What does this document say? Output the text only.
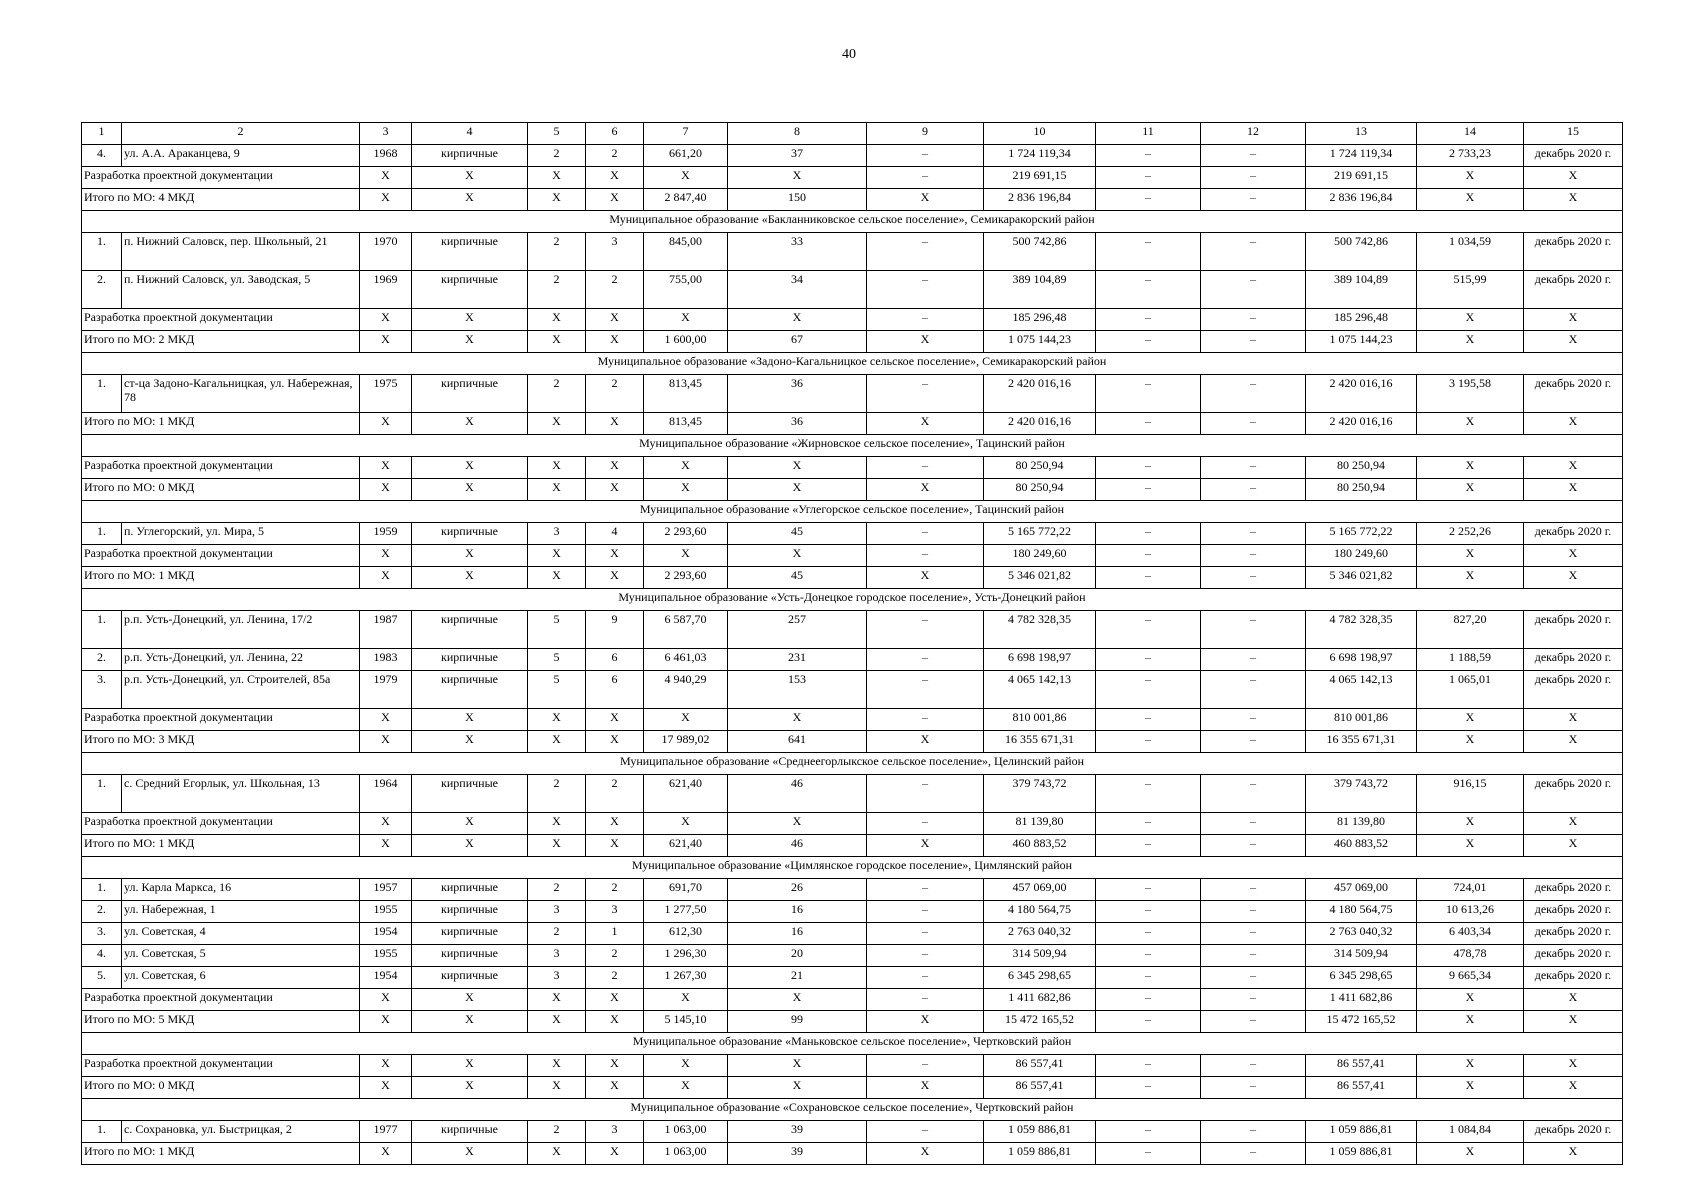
40
1	2	3	4	5	6	7	8	9	10	11	12	13	14	15
4.	ул. А.А. Араканцева, 9	1968	кирпичные	2	2	661,20	37	–	1 724 119,34	–	–	1 724 119,34	2 733,23	декабрь 2020 г.
Разработка проектной документации		X	X	X	X	X	X	–	219 691,15	–	–	219 691,15	X	X
Итого по МО: 4 МКД		X	X	X	X	2 847,40	150	X	2 836 196,84	–	–	2 836 196,84	X	X
Муниципальное образование «Бакланниковское сельское поселение», Семикаракорский район														
1.	п. Нижний Саловск, пер. Школьный, 21	1970	кирпичные	2	3	845,00	33	–	500 742,86	–	–	500 742,86	1 034,59	декабрь 2020 г.
2.	п. Нижний Саловск, ул. Заводская, 5	1969	кирпичные	2	2	755,00	34	–	389 104,89	–	–	389 104,89	515,99	декабрь 2020 г.
Разработка проектной документации		X	X	X	X	X	X	–	185 296,48	–	–	185 296,48	X	X
Итого по МО: 2 МКД		X	X	X	X	1 600,00	67	X	1 075 144,23	–	–	1 075 144,23	X	X
Муниципальное образование «Задоно-Кагальницкое сельское поселение», Семикаракорский район														
1.	ст-ца Задоно-Кагальницкая, ул. Набережная, 78	1975	кирпичные	2	2	813,45	36	–	2 420 016,16	–	–	2 420 016,16	3 195,58	декабрь 2020 г.
Итого по МО: 1 МКД		X	X	X	X	813,45	36	X	2 420 016,16	–	–	2 420 016,16	X	X
Муниципальное образование «Жирновское сельское поселение», Тацинский район														
Разработка проектной документации		X	X	X	X	X	X	–	80 250,94	–	–	80 250,94	X	X
Итого по МО: 0 МКД		X	X	X	X	X	X	X	80 250,94	–	–	80 250,94	X	X
Муниципальное образование «Углегорское сельское поселение», Тацинский район														
1.	п. Углегорский, ул. Мира, 5	1959	кирпичные	3	4	2 293,60	45	–	5 165 772,22	–	–	5 165 772,22	2 252,26	декабрь 2020 г.
Разработка проектной документации		X	X	X	X	X	X	–	180 249,60	–	–	180 249,60	X	X
Итого по МО: 1 МКД		X	X	X	X	2 293,60	45	X	5 346 021,82	–	–	5 346 021,82	X	X
Муниципальное образование «Усть-Донецкое городское поселение», Усть-Донецкий район														
1.	р.п. Усть-Донецкий, ул. Ленина, 17/2	1987	кирпичные	5	9	6 587,70	257	–	4 782 328,35	–	–	4 782 328,35	827,20	декабрь 2020 г.
2.	р.п. Усть-Донецкий, ул. Ленина, 22	1983	кирпичные	5	6	6 461,03	231	–	6 698 198,97	–	–	6 698 198,97	1 188,59	декабрь 2020 г.
3.	р.п. Усть-Донецкий, ул. Строителей, 85а	1979	кирпичные	5	6	4 940,29	153	–	4 065 142,13	–	–	4 065 142,13	1 065,01	декабрь 2020 г.
Разработка проектной документации		X	X	X	X	X	X	–	810 001,86	–	–	810 001,86	X	X
Итого по МО: 3 МКД		X	X	X	X	17 989,02	641	X	16 355 671,31	–	–	16 355 671,31	X	X
Муниципальное образование «Среднеегорлыкское сельское поселение», Целинский район														
1.	с. Средний Егорлык, ул. Школьная, 13	1964	кирпичные	2	2	621,40	46	–	379 743,72	–	–	379 743,72	916,15	декабрь 2020 г.
Разработка проектной документации		X	X	X	X	X	X	–	81 139,80	–	–	81 139,80	X	X
Итого по МО: 1 МКД		X	X	X	X	621,40	46	X	460 883,52	–	–	460 883,52	X	X
Муниципальное образование «Цимлянское городское поселение», Цимлянский район														
1.	ул. Карла Маркса, 16	1957	кирпичные	2	2	691,70	26	–	457 069,00	–	–	457 069,00	724,01	декабрь 2020 г.
2.	ул. Набережная, 1	1955	кирпичные	3	3	1 277,50	16	–	4 180 564,75	–	–	4 180 564,75	10 613,26	декабрь 2020 г.
3.	ул. Советская, 4	1954	кирпичные	2	1	612,30	16	–	2 763 040,32	–	–	2 763 040,32	6 403,34	декабрь 2020 г.
4.	ул. Советская, 5	1955	кирпичные	3	2	1 296,30	20	–	314 509,94	–	–	314 509,94	478,78	декабрь 2020 г.
5.	ул. Советская, 6	1954	кирпичные	3	2	1 267,30	21	–	6 345 298,65	–	–	6 345 298,65	9 665,34	декабрь 2020 г.
Разработка проектной документации		X	X	X	X	X	X	–	1 411 682,86	–	–	1 411 682,86	X	X
Итого по МО: 5 МКД		X	X	X	X	5 145,10	99	X	15 472 165,52	–	–	15 472 165,52	X	X
Муниципальное образование «Маньковское сельское поселение», Чертковский район														
Разработка проектной документации		X	X	X	X	X	X	–	86 557,41	–	–	86 557,41	X	X
Итого по МО: 0 МКД		X	X	X	X	X	X	X	86 557,41	–	–	86 557,41	X	X
Муниципальное образование «Сохрановское сельское поселение», Чертковский район														
1.	с. Сохрановка, ул. Быстрицкая, 2	1977	кирпичные	2	3	1 063,00	39	–	1 059 886,81	–	–	1 059 886,81	1 084,84	декабрь 2020 г.
Итого по МО: 1 МКД		X	X	X	X	1 063,00	39	X	1 059 886,81	–	–	1 059 886,81	X	X
